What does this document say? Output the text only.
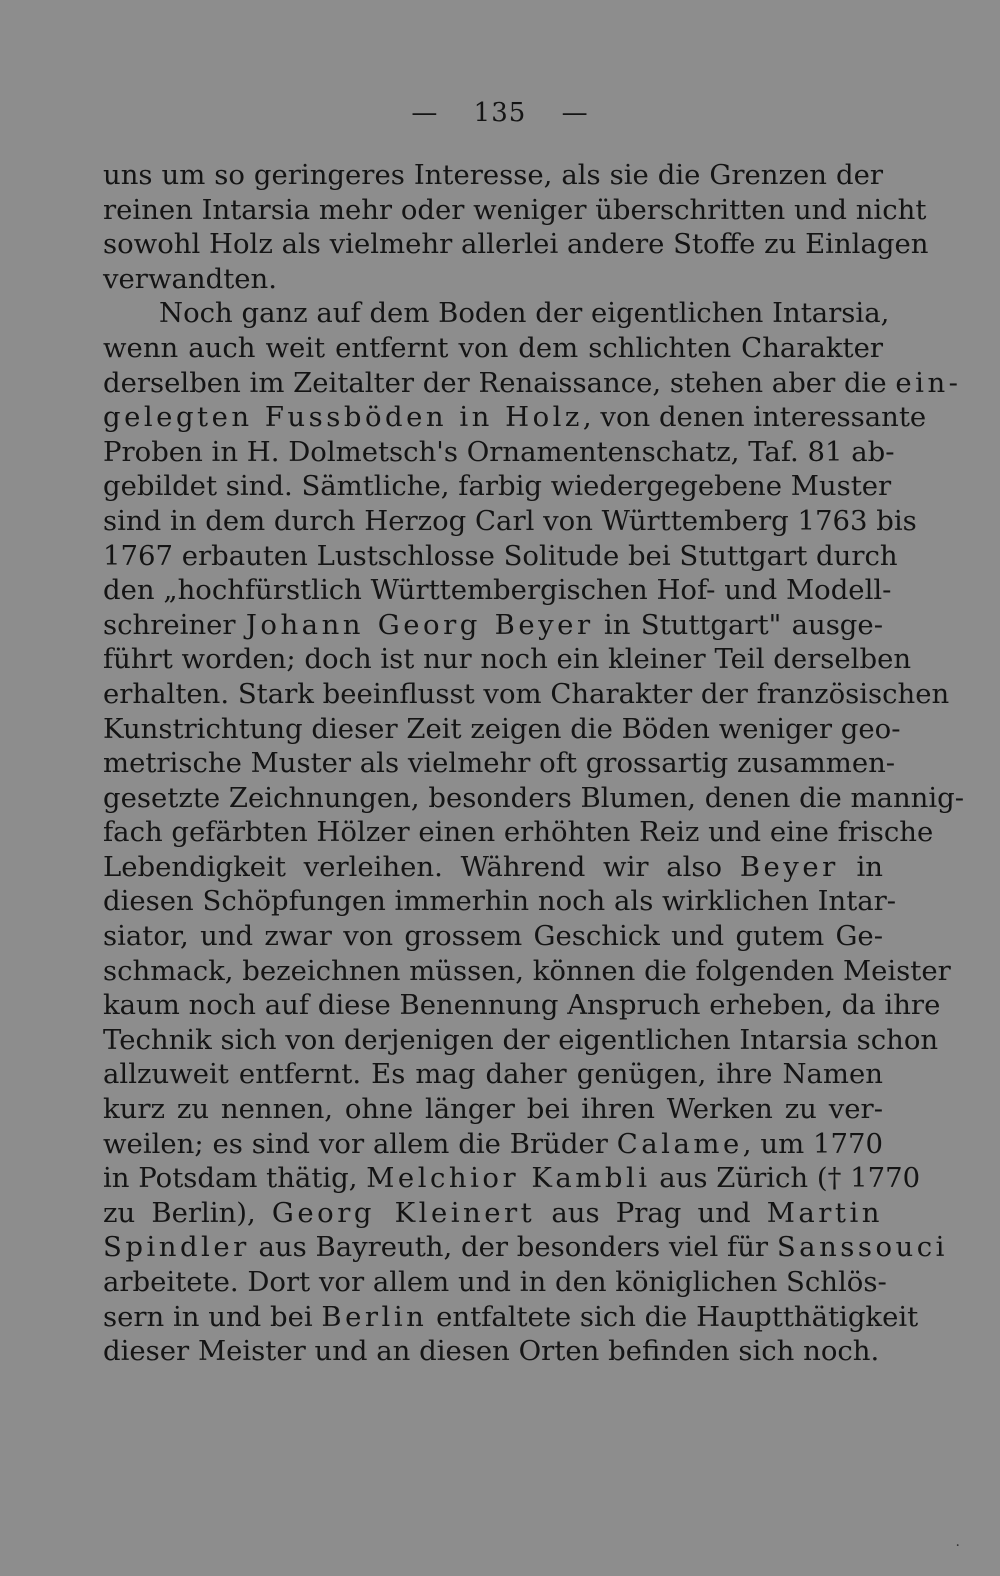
— 135 —
uns um so geringeres Interesse, als sie die Grenzen der
reinen Intarsia mehr oder weniger überschritten und nicht
sowohl Holz als vielmehr allerlei andere Stoffe zu Einlagen
verwandten.
Noch ganz auf dem Boden der eigentlichen Intarsia,
wenn auch weit entfernt von dem schlichten Charakter
derselben im Zeitalter der Renaissance, stehen aber die ein-
gelegten Fussböden in Holz, von denen interessante
Proben in H. Dolmetsch's Ornamentenschatz, Taf. 81 ab-
gebildet sind. Sämtliche, farbig wiedergegebene Muster
sind in dem durch Herzog Carl von Württemberg 1763 bis
1767 erbauten Lustschlosse Solitude bei Stuttgart durch
den „hochfürstlich Württembergischen Hof- und Modell-
schreiner Johann Georg Beyer in Stuttgart" ausge-
führt worden; doch ist nur noch ein kleiner Teil derselben
erhalten. Stark beeinflusst vom Charakter der französischen
Kunstrichtung dieser Zeit zeigen die Böden weniger geo-
metrische Muster als vielmehr oft grossartig zusammen-
gesetzte Zeichnungen, besonders Blumen, denen die mannig-
fach gefärbten Hölzer einen erhöhten Reiz und eine frische
Lebendigkeit verleihen. Während wir also Beyer in
diesen Schöpfungen immerhin noch als wirklichen Intar-
siator, und zwar von grossem Geschick und gutem Ge-
schmack, bezeichnen müssen, können die folgenden Meister
kaum noch auf diese Benennung Anspruch erheben, da ihre
Technik sich von derjenigen der eigentlichen Intarsia schon
allzuweit entfernt. Es mag daher genügen, ihre Namen
kurz zu nennen, ohne länger bei ihren Werken zu ver-
weilen; es sind vor allem die Brüder Calame, um 1770
in Potsdam thätig, Melchior Kambli aus Zürich († 1770
zu Berlin), Georg Kleinert aus Prag und Martin
Spindler aus Bayreuth, der besonders viel für Sanssouci
arbeitete. Dort vor allem und in den königlichen Schlös-
sern in und bei Berlin entfaltete sich die Hauptthätigkeit
dieser Meister und an diesen Orten befinden sich noch.
·
